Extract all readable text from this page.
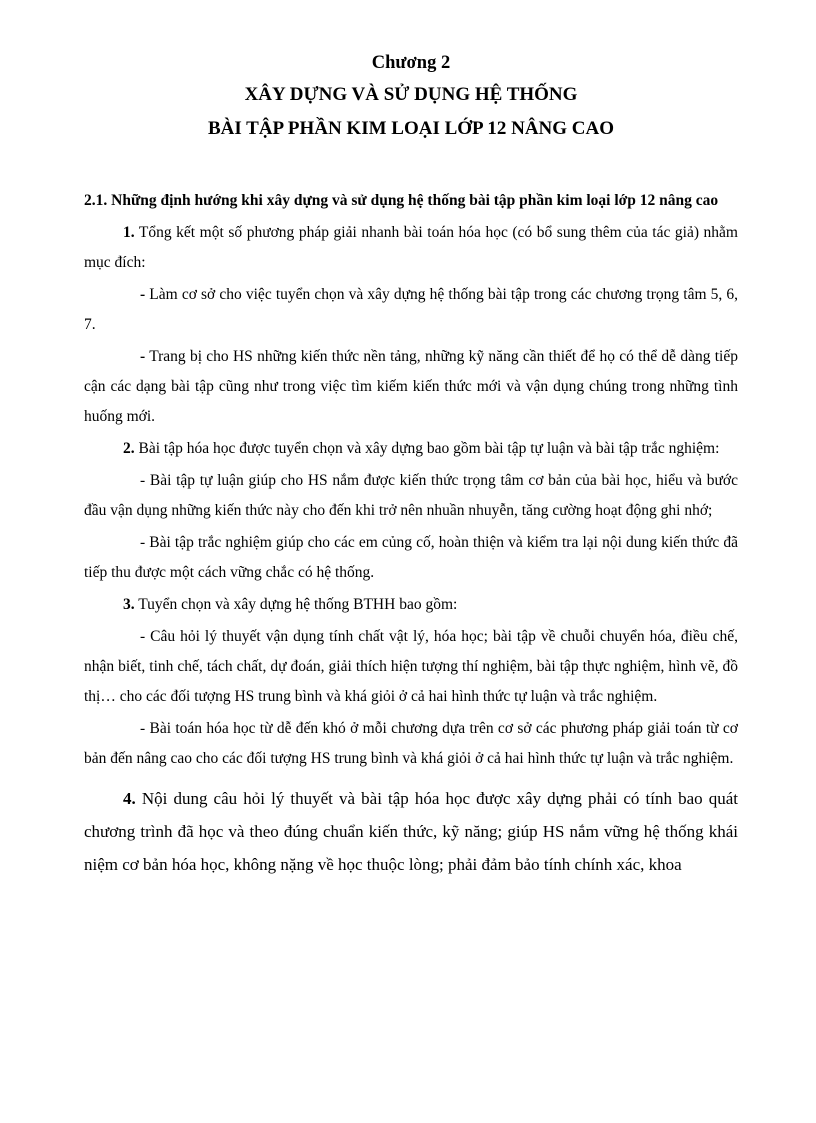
Chương 2

XÂY DỰNG VÀ SỬ DỤNG HỆ THỐNG

BÀI TẬP PHẦN KIM LOẠI LỚP 12 NÂNG CAO

2.1. Những định hướng khi xây dựng và sử dụng hệ thống bài tập phần kim loại lớp 12 nâng cao

1. Tổng kết một số phương pháp giải nhanh bài toán hóa học (có bổ sung thêm của tác giả) nhằm mục đích:

- Làm cơ sở cho việc tuyển chọn và xây dựng hệ thống bài tập trong các chương trọng tâm 5, 6, 7.

- Trang bị cho HS những kiến thức nền tảng, những kỹ năng cần thiết để họ có thể dễ dàng tiếp cận các dạng bài tập cũng như trong việc tìm kiếm kiến thức mới và vận dụng chúng trong những tình huống mới.

2. Bài tập hóa học được tuyển chọn và xây dựng bao gồm bài tập tự luận và bài tập trắc nghiệm:

- Bài tập tự luận giúp cho HS nắm được kiến thức trọng tâm cơ bản của bài học, hiểu và bước đầu vận dụng những kiến thức này cho đến khi trở nên nhuần nhuyễn, tăng cường hoạt động ghi nhớ;

- Bài tập trắc nghiệm giúp cho các em củng cố, hoàn thiện và kiểm tra lại nội dung kiến thức đã tiếp thu được một cách vững chắc có hệ thống.

3. Tuyển chọn và xây dựng hệ thống BTHH bao gồm:

- Câu hỏi lý thuyết vận dụng tính chất vật lý, hóa học; bài tập về chuỗi chuyển hóa, điều chế, nhận biết, tinh chế, tách chất, dự đoán, giải thích hiện tượng thí nghiệm, bài tập thực nghiệm, hình vẽ, đồ thị… cho các đối tượng HS trung bình và khá giỏi ở cả hai hình thức tự luận và trắc nghiệm.

- Bài toán hóa học từ dễ đến khó ở mỗi chương dựa trên cơ sở các phương pháp giải toán từ cơ bản đến nâng cao cho các đối tượng HS trung bình và khá giỏi ở cả hai hình thức tự luận và trắc nghiệm.

4. Nội dung câu hỏi lý thuyết và bài tập hóa học được xây dựng phải có tính bao quát chương trình đã học và theo đúng chuẩn kiến thức, kỹ năng; giúp HS nắm vững hệ thống khái niệm cơ bản hóa học, không nặng về học thuộc lòng; phải đảm bảo tính chính xác, khoa
